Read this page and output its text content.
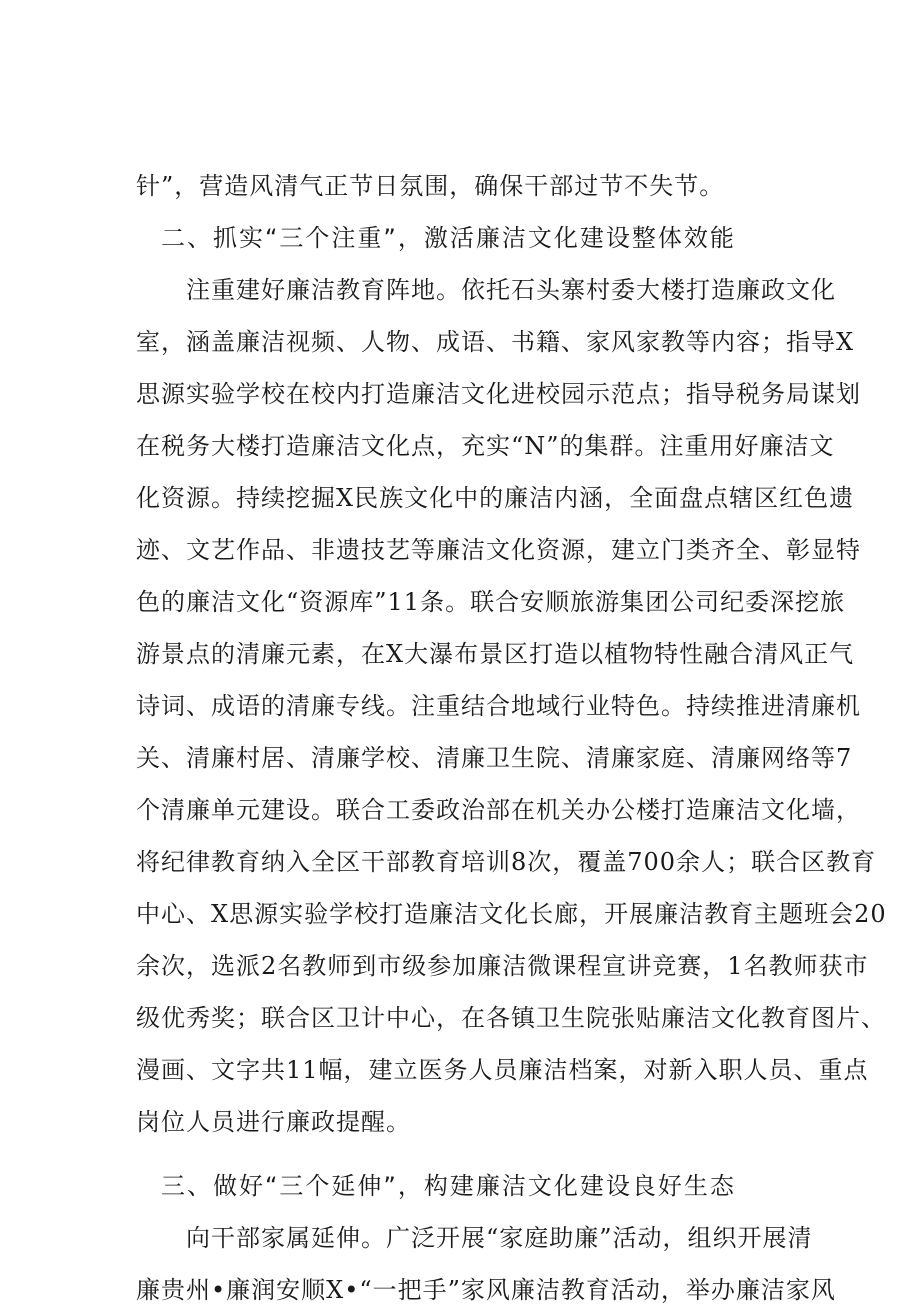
针”，营造风清气正节日氛围，确保干部过节不失节。
二、抓实“三个注重”，激活廉洁文化建设整体效能
注重建好廉洁教育阵地。依托石头寨村委大楼打造廉政文化
室，涵盖廉洁视频、人物、成语、书籍、家风家教等内容；指导X
思源实验学校在校内打造廉洁文化进校园示范点；指导税务局谋划
在税务大楼打造廉洁文化点，充实“N”的集群。注重用好廉洁文
化资源。持续挖掘X民族文化中的廉洁内涵，全面盘点辖区红色遗
迹、文艺作品、非遗技艺等廉洁文化资源，建立门类齐全、彰显特
色的廉洁文化“资源库”11条。联合安顺旅游集团公司纪委深挖旅
游景点的清廉元素，在X大瀑布景区打造以植物特性融合清风正气
诗词、成语的清廉专线。注重结合地域行业特色。持续推进清廉机
关、清廉村居、清廉学校、清廉卫生院、清廉家庭、清廉网络等7
个清廉单元建设。联合工委政治部在机关办公楼打造廉洁文化墙，
将纪律教育纳入全区干部教育培训8次，覆盖700余人；联合区教育
中心、X思源实验学校打造廉洁文化长廊，开展廉洁教育主题班会20
余次，选派2名教师到市级参加廉洁微课程宣讲竞赛，1名教师获市
级优秀奖；联合区卫计中心，在各镇卫生院张贴廉洁文化教育图片、
漫画、文字共11幅，建立医务人员廉洁档案，对新入职人员、重点
岗位人员进行廉政提醒。
三、做好“三个延伸”，构建廉洁文化建设良好生态
向干部家属延伸。广泛开展“家庭助廉”活动，组织开展清
廉贵州•廉润安顺X•“一把手”家风廉洁教育活动，举办廉洁家风
